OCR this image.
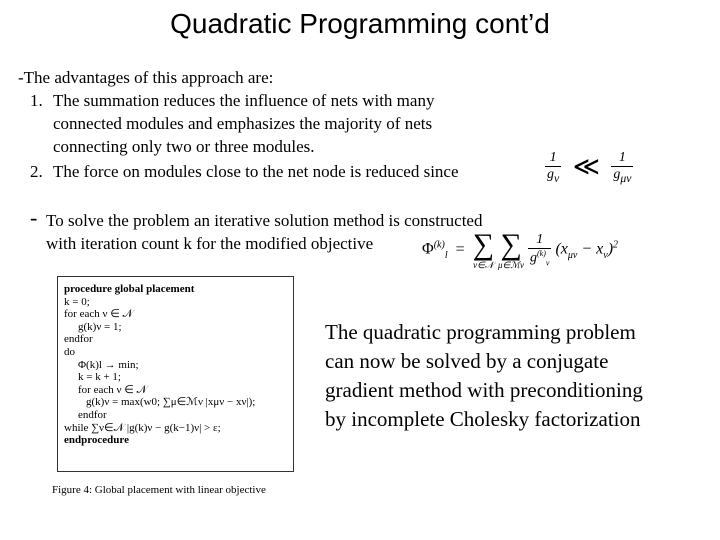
Quadratic Programming cont’d
-The advantages of this approach are:
1. The summation reduces the influence of nets with many
connected modules and emphasizes the majority of nets
connecting only two or three modules.
2. The force on modules close to the net node is reduced since	$\frac{1}{g_\nu}$ ≪ $\frac{1}{g_{\mu\nu}}$
- To solve the problem an iterative solution method is constructed
with iteration count k for the modified objective	$\Phi^{(k)}_l$ = ∑
ν∈𝒩

∑
μ∈ℳν
$\frac{1}{g^{(k)}_\nu} (x_{\mu\nu} - x_\nu)^2$
procedure global placement
k = 0;
for each ν ∈ 𝒩
g(k)ν = 1;
endfor
do
Φ(k)l → min;
k = k + 1;
for each ν ∈ 𝒩
g(k)ν = max(w0; ∑μ∈ℳν |xμν − xν|);
endfor
while ∑ν∈𝒩 |g(k)ν − g(k−1)ν| > ε;
endprocedure
Figure 4: Global placement with linear objective
The quadratic programming problem
can now be solved by a conjugate
gradient method with preconditioning
by incomplete Cholesky factorization
